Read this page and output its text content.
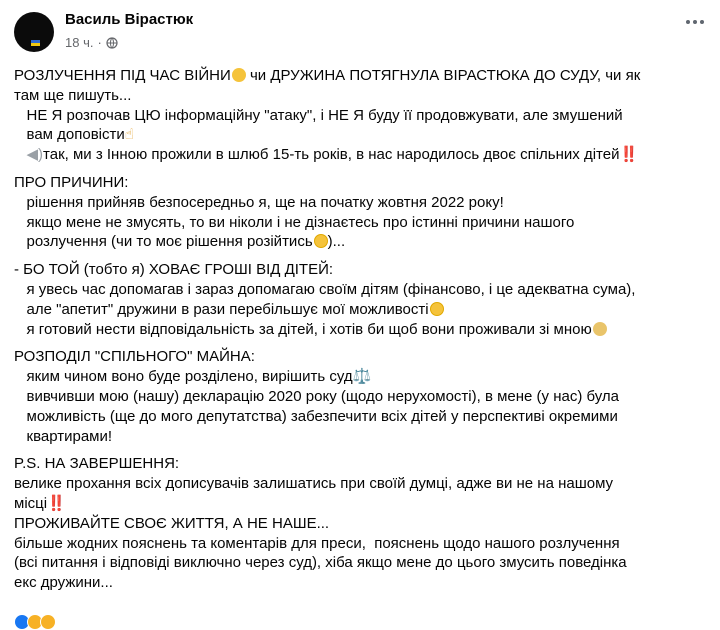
Василь Вірастюк
18 ч. ·

РОЗЛУЧЕННЯ ПІД ЧАС ВІЙНИ чи ДРУЖИНА ПОТЯГНУЛА ВІРАСТЮКА ДО СУДУ, чи як

там ще пишуть...

НЕ Я розпочав ЦЮ інформаційну "атаку", і НЕ Я буду її продовжувати, але змушений

вам доповісти☝

◀)так, ми з Інною прожили в шлюб 15-ть років, в нас народилось двоє спільних дітей‼️

ПРО ПРИЧИНИ:

рішення прийняв безпосередньо я, ще на початку жовтня 2022 року!

якщо мене не змусять, то ви ніколи і не дізнаєтесь про істинні причини нашого

розлучення (чи то моє рішення розійтись )...

- БО ТОЙ (тобто я) ХОВАЄ ГРОШІ ВІД ДІТЕЙ:

я увесь час допомагав і зараз допомагаю своїм дітям (фінансово, і це адекватна сума),

але "апетит" дружини в рази перебільшує мої можливості

я готовий нести відповідальність за дітей, і хотів би щоб вони проживали зі мною

РОЗПОДІЛ "СПІЛЬНОГО" МАЙНА:

яким чином воно буде розділено, вирішить суд⚖️

вивчивши мою (нашу) декларацію 2020 року (щодо нерухомості), в мене (у нас) була

можливість (ще до мого депутатства) забезпечити всіх дітей у перспективі окремими

квартирами!

P.S. НА ЗАВЕРШЕННЯ:

велике прохання всіх дописувачів залишатись при своїй думці, адже ви не на нашому

місці‼️

ПРОЖИВАЙТЕ СВОЄ ЖИТТЯ, А НЕ НАШЕ...

більше жодних пояснень та коментарів для преси,  пояснень щодо нашого розлучення

(всі питання і відповіді виключно через суд), хіба якщо мене до цього змусить поведінка

екс дружини...
